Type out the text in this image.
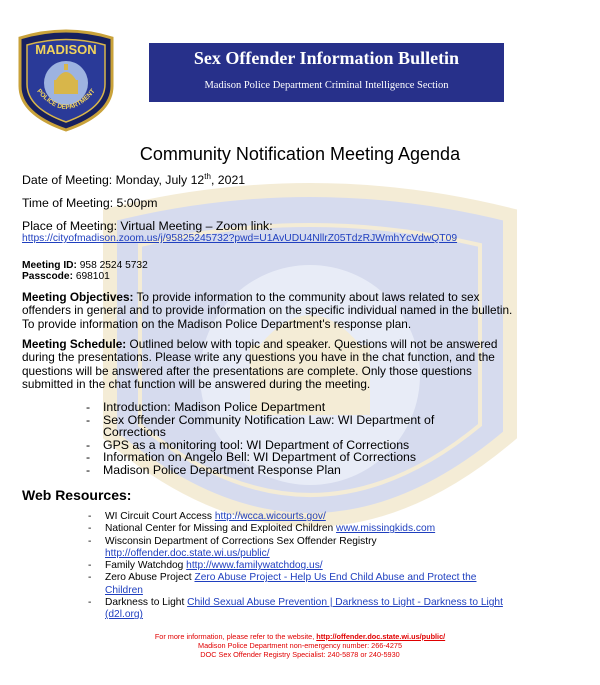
MADISON
POLICE DEPARTMENT
Sex Offender Information Bulletin
Madison Police Department Criminal Intelligence Section
Community Notification Meeting Agenda
Date of Meeting: Monday, July 12th, 2021
Time of Meeting: 5:00pm
Place of Meeting: Virtual Meeting – Zoom link:
https://cityofmadison.zoom.us/j/95825245732?pwd=U1AvUDU4NllrZ05TdzRJWmhYcVdwQT09
Meeting ID: 958 2524 5732
Passcode: 698101
Meeting Objectives: To provide information to the community about laws related to sex offenders in general and to provide information on the specific individual named in the bulletin. To provide information on the Madison Police Department's response plan.
Meeting Schedule: Outlined below with topic and speaker. Questions will not be answered during the presentations. Please write any questions you have in the chat function, and the questions will be answered after the presentations are complete. Only those questions submitted in the chat function will be answered during the meeting.
- Introduction: Madison Police Department
- Sex Offender Community Notification Law: WI Department of Corrections
- GPS as a monitoring tool: WI Department of Corrections
- Information on Angelo Bell: WI Department of Corrections
- Madison Police Department Response Plan
Web Resources:
- WI Circuit Court Access http://wcca.wicourts.gov/
- National Center for Missing and Exploited Children www.missingkids.com
- Wisconsin Department of Corrections Sex Offender Registry http://offender.doc.state.wi.us/public/
- Family Watchdog http://www.familywatchdog.us/
- Zero Abuse Project Zero Abuse Project - Help Us End Child Abuse and Protect the Children
- Darkness to Light Child Sexual Abuse Prevention | Darkness to Light - Darkness to Light (d2l.org)
For more information, please refer to the website, http://offender.doc.state.wi.us/public/
Madison Police Department non-emergency number: 266-4275
DOC Sex Offender Registry Specialist: 240-5878 or 240-5930
